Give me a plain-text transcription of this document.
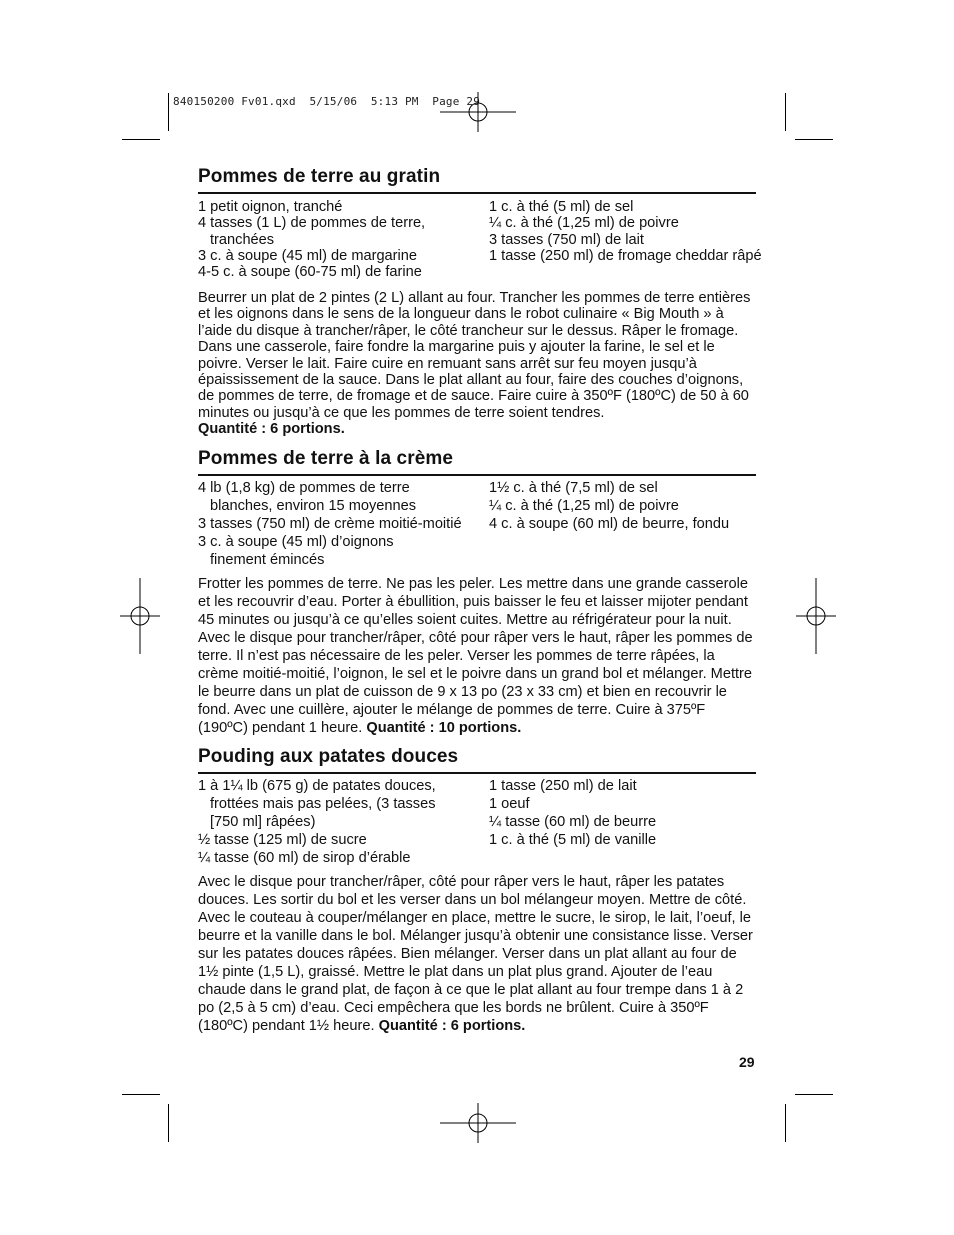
840150200 Fv01.qxd  5/15/06  5:13 PM  Page 29
Pommes de terre au gratin
1 petit oignon, tranché
4 tasses (1 L) de pommes de terre, tranchées
3 c. à soupe (45 ml) de margarine
4-5 c. à soupe (60-75 ml) de farine
1 c. à thé (5 ml) de sel
¼ c. à thé (1,25 ml) de poivre
3 tasses (750 ml) de lait
1 tasse (250 ml) de fromage cheddar râpé
Beurrer un plat de 2 pintes (2 L) allant au four. Trancher les pommes de terre entières et les oignons dans le sens de la longueur dans le robot culinaire « Big Mouth » à l’aide du disque à trancher/râper, le côté trancheur sur le dessus. Râper le fromage. Dans une casserole, faire fondre la margarine puis y ajouter la farine, le sel et le poivre. Verser le lait. Faire cuire en remuant sans arrêt sur feu moyen jusqu’à épaississement de la sauce. Dans le plat allant au four, faire des couches d’oignons, de pommes de terre, de fromage et de sauce. Faire cuire à 350ºF (180ºC) de 50 à 60 minutes ou jusqu’à ce que les pommes de terre soient tendres.
Quantité : 6 portions.
Pommes de terre à la crème
4 lb (1,8 kg) de pommes de terre blanches, environ 15 moyennes
3 tasses (750 ml) de crème moitié-moitié
3 c. à soupe (45 ml) d’oignons finement émincés
1½ c. à thé (7,5 ml) de sel
¼ c. à thé (1,25 ml) de poivre
4 c. à soupe (60 ml) de beurre, fondu
Frotter les pommes de terre. Ne pas les peler. Les mettre dans une grande casserole et les recouvrir d’eau. Porter à ébullition, puis baisser le feu et laisser mijoter pendant 45 minutes ou jusqu’à ce qu’elles soient cuites. Mettre au réfrigérateur pour la nuit. Avec le disque pour trancher/râper, côté pour râper vers le haut, râper les pommes de terre. Il n’est pas nécessaire de les peler. Verser les pommes de terre râpées, la crème moitié-moitié, l’oignon, le sel et le poivre dans un grand bol et mélanger. Mettre le beurre dans un plat de cuisson de 9 x 13 po (23 x 33 cm) et bien en recouvrir le fond. Avec une cuillère, ajouter le mélange de pommes de terre. Cuire à 375ºF (190ºC) pendant 1 heure. Quantité : 10 portions.
Pouding aux patates douces
1 à 1¼ lb (675 g) de patates douces, frottées mais pas pelées, (3 tasses [750 ml] râpées)
½ tasse (125 ml) de sucre
¼ tasse (60 ml) de sirop d’érable
1 tasse (250 ml) de lait
1 oeuf
¼ tasse (60 ml) de beurre
1 c. à thé (5 ml) de vanille
Avec le disque pour trancher/râper, côté pour râper vers le haut, râper les patates douces. Les sortir du bol et les verser dans un bol mélangeur moyen. Mettre de côté. Avec le couteau à couper/mélanger en place, mettre le sucre, le sirop, le lait, l’oeuf, le beurre et la vanille dans le bol. Mélanger jusqu’à obtenir une consistance lisse. Verser sur les patates douces râpées. Bien mélanger. Verser dans un plat allant au four de 1½ pinte (1,5 L), graissé. Mettre le plat dans un plat plus grand. Ajouter de l’eau chaude dans le grand plat, de façon à ce que le plat allant au four trempe dans 1 à 2 po (2,5 à 5 cm) d’eau. Ceci empêchera que les bords ne brûlent. Cuire à 350ºF (180ºC) pendant 1½ heure. Quantité : 6 portions.
29
